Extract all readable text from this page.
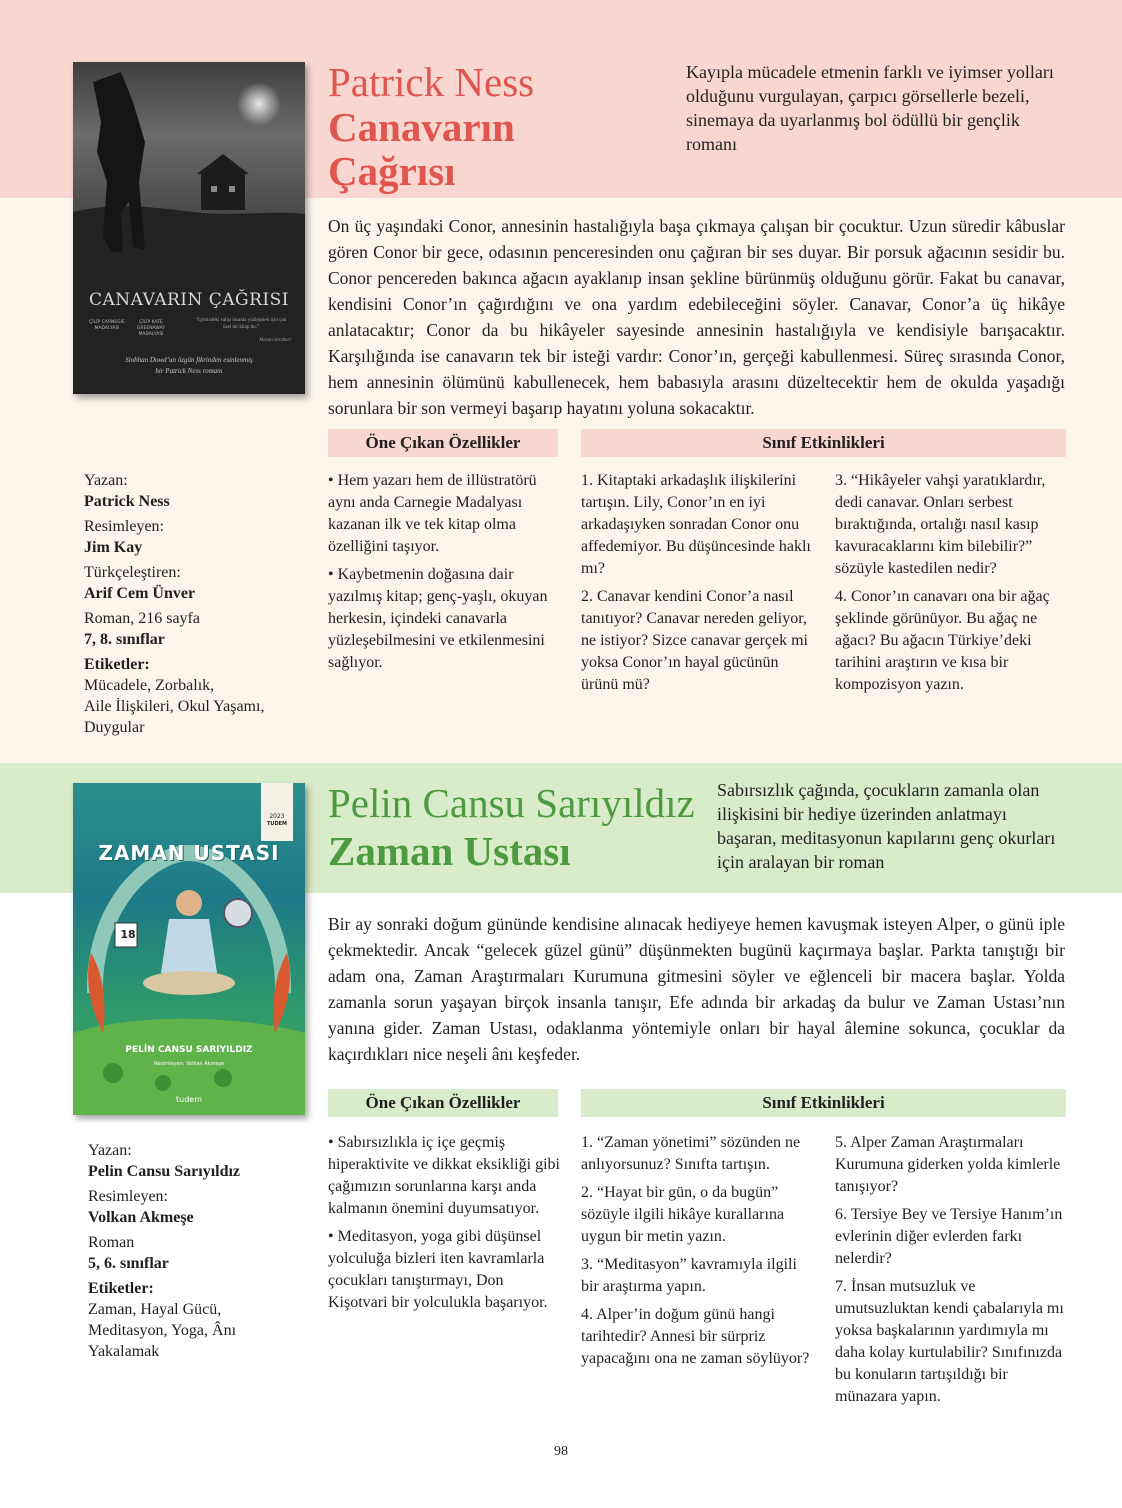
CANAVARIN ÇAĞRISI
ÇİLİP CARNEGIE MADALYASI
ÇİLİP KATE GREENAWAY MADALYASI
“İçimizdeki vahşi insanla yüzleşmek için çok özel bir kitap bu.”
Meyan Sersburt
Siobhan Dowd’un özgün fikrinden esinlenmiş
bir Patrick Ness romanı
Patrick Ness
Canavarın
Çağrısı
Kayıpla mücadele etmenin farklı ve iyimser yolları olduğunu vurgulayan, çarpıcı görsellerle bezeli, sinemaya da uyarlanmış bol ödüllü bir gençlik romanı
On üç yaşındaki Conor, annesinin hastalığıyla başa çıkmaya çalışan bir çocuktur. Uzun süredir kâbuslar gören Conor bir gece, odasının penceresinden onu çağıran bir ses duyar. Bir porsuk ağacının sesidir bu. Conor pencereden bakınca ağacın ayaklanıp insan şekline bürünmüş olduğunu görür. Fakat bu canavar, kendisini Conor’ın çağırdığını ve ona yardım edebileceğini söyler. Canavar, Conor’a üç hikâye anlatacaktır; Conor da bu hikâyeler sayesinde annesinin hastalığıyla ve kendisiyle barışacaktır. Karşılığında ise canavarın tek bir isteği vardır: Conor’ın, gerçeği kabullenmesi. Süreç sırasında Conor, hem annesinin ölümünü kabullenecek, hem babasıyla arasını düzeltecektir hem de okulda yaşadığı sorunlara bir son vermeyi başarıp hayatını yoluna sokacaktır.
Öne Çıkan Özellikler	Sınıf Etkinlikleri

• Hem yazarı hem de illüstratörü aynı anda Carnegie Madalyası kazanan ilk ve tek kitap olma özelliğini taşıyor.

• Kaybetmenin doğasına dair yazılmış kitap; genç-yaşlı, okuyan herkesin, içindeki canavarla yüzleşebilmesini ve etkilenmesini sağlıyor.

1. Kitaptaki arkadaşlık ilişkilerini tartışın. Lily, Conor’ın en iyi arkadaşıyken sonradan Conor onu affedemiyor. Bu düşüncesinde haklı mı?

2. Canavar kendini Conor’a nasıl tanıtıyor? Canavar nereden geliyor, ne istiyor? Sizce canavar gerçek mi yoksa Conor’ın hayal gücünün ürünü mü?

3. “Hikâyeler vahşi yaratıklardır, dedi canavar. Onları serbest bıraktığında, ortalığı nasıl kasıp kavuracaklarını kim bilebilir?” sözüyle kastedilen nedir?

4. Conor’ın canavarı ona bir ağaç şeklinde görünüyor. Bu ağaç ne ağacı? Bu ağacın Türkiye’deki tarihini araştırın ve kısa bir kompozisyon yazın.

Yazan:
Patrick Ness
Resimleyen:
Jim Kay
Türkçeleştiren:
Arif Cem Ünver
Roman, 216 sayfa
7, 8. sınıflar
Etiketler:
Mücadele, Zorbalık,
Aile İlişkileri, Okul Yaşamı,
Duygular
2023
TUDEM
18
ZAMAN USTASI
PELİN CANSU SARIYILDIZ
Resimleyen: Volkan Akmeşe
tudem
Pelin Cansu Sarıyıldız
Zaman Ustası
Sabırsızlık çağında, çocukların zamanla olan ilişkisini bir hediye üzerinden anlatmayı başaran, meditasyonun kapılarını genç okurları için aralayan bir roman
Bir ay sonraki doğum gününde kendisine alınacak hediyeye hemen kavuşmak isteyen Alper, o günü iple çekmektedir. Ancak “gelecek güzel günü” düşünmekten bugünü kaçırmaya başlar. Parkta tanıştığı bir adam ona, Zaman Araştırmaları Kurumuna gitmesini söyler ve eğlenceli bir macera başlar. Yolda zamanla sorun yaşayan birçok insanla tanışır, Efe adında bir arkadaş da bulur ve Zaman Ustası’nın yanına gider. Zaman Ustası, odaklanma yöntemiyle onları bir hayal âlemine sokunca, çocuklar da kaçırdıkları nice neşeli ânı keşfeder.
Öne Çıkan Özellikler	Sınıf Etkinlikleri

• Sabırsızlıkla iç içe geçmiş hiperaktivite ve dikkat eksikliği gibi çağımızın sorunlarına karşı anda kalmanın önemini duyumsatıyor.

• Meditasyon, yoga gibi düşünsel yolculuğa bizleri iten kavramlarla çocukları tanıştırmayı, Don Kişotvari bir yolculukla başarıyor.

1. “Zaman yönetimi” sözünden ne anlıyorsunuz? Sınıfta tartışın.

2. “Hayat bir gün, o da bugün” sözüyle ilgili hikâye kurallarına uygun bir metin yazın.

3. “Meditasyon” kavramıyla ilgili bir araştırma yapın.

4. Alper’in doğum günü hangi tarihtedir? Annesi bir sürpriz yapacağını ona ne zaman söylüyor?

5. Alper Zaman Araştırmaları Kurumuna giderken yolda kimlerle tanışıyor?

6. Tersiye Bey ve Tersiye Hanım’ın evlerinin diğer evlerden farkı nelerdir?

7. İnsan mutsuzluk ve umutsuzluktan kendi çabalarıyla mı yoksa başkalarının yardımıyla mı daha kolay kurtulabilir? Sınıfınızda bu konuların tartışıldığı bir münazara yapın.

Yazan:
Pelin Cansu Sarıyıldız
Resimleyen:
Volkan Akmeşe
Roman
5, 6. sınıflar
Etiketler:
Zaman, Hayal Gücü,
Meditasyon, Yoga, Ânı
Yakalamak
98
